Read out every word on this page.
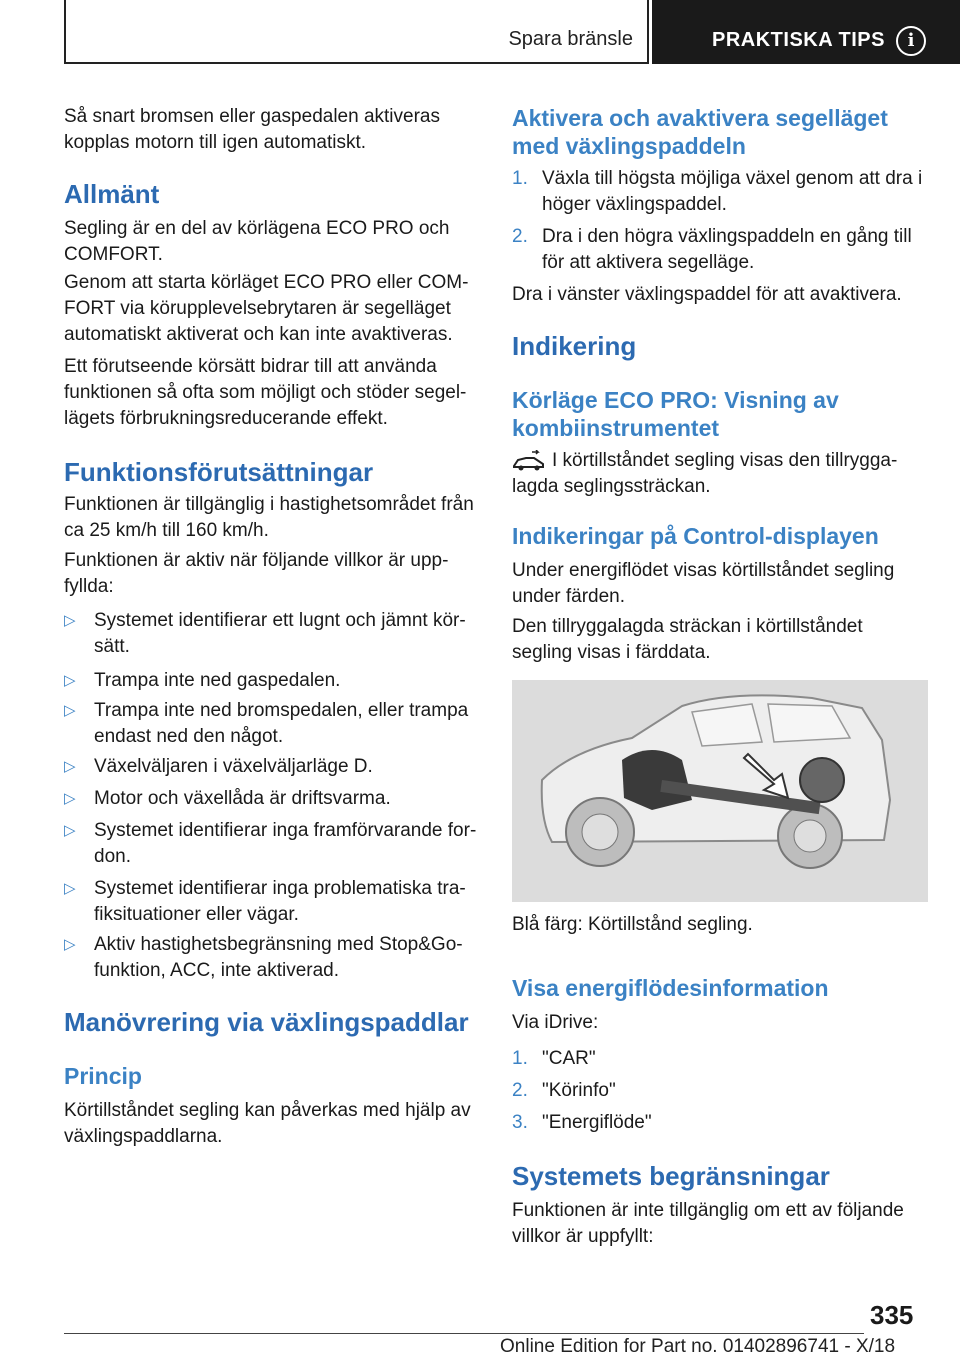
Spara bränsle	PRAKTISKA TIPS	i

Så snart bromsen eller gaspedalen aktiveras kopplas motorn till igen automatiskt.

Allmänt

Segling är en del av körlägena ECO PRO och COMFORT.

Genom att starta körläget ECO PRO eller COM‐FORT via körupplevelsebrytaren är segelläget automatiskt aktiverat och kan inte avaktiveras.

Ett förutseende körsätt bidrar till att använda funktionen så ofta som möjligt och stöder segel‐lägets förbrukningsreducerande effekt.

Funktionsförutsättningar

Funktionen är tillgänglig i hastighetsområdet från ca 25 km/h till 160 km/h.

Funktionen är aktiv när följande villkor är upp‐fyllda:

▷ Systemet identifierar ett lugnt och jämnt kör‐sätt.
▷ Trampa inte ned gaspedalen.
▷ Trampa inte ned bromspedalen, eller trampa endast ned den något.
▷ Växelväljaren i växelväljarläge D.
▷ Motor och växellåda är driftsvarma.
▷ Systemet identifierar inga framförvarande for‐don.
▷ Systemet identifierar inga problematiska tra‐fiksituationer eller vägar.
▷ Aktiv hastighetsbegränsning med Stop&Go-funktion, ACC, inte aktiverad.
Manövrering via växlingspaddlar
Princip

Körtillståndet segling kan påverkas med hjälp av växlingspaddlarna.

Aktivera och avaktivera segelläget med växlingspaddeln
1. Växla till högsta möjliga växel genom att dra i höger växlingspaddel.
2. Dra i den högra växlingspaddeln en gång till för att aktivera segelläge.

Dra i vänster växlingspaddel för att avaktivera.

Indikering
Körläge ECO PRO: Visning av kombiinstrumentet

I körtillståndet segling visas den tillrygga‐lagda seglingssträckan.

Indikeringar på Control-displayen

Under energiflödet visas körtillståndet segling under färden.

Den tillryggalagda sträckan i körtillståndet segling visas i färddata.

Blå färg: Körtillstånd segling.

Visa energiflödesinformation

Via iDrive:

1. "CAR"
2. "Körinfo"
3. "Energiflöde"
Systemets begränsningar

Funktionen är inte tillgänglig om ett av följande villkor är uppfyllt:

335
Online Edition for Part no. 01402896741 - X/18
